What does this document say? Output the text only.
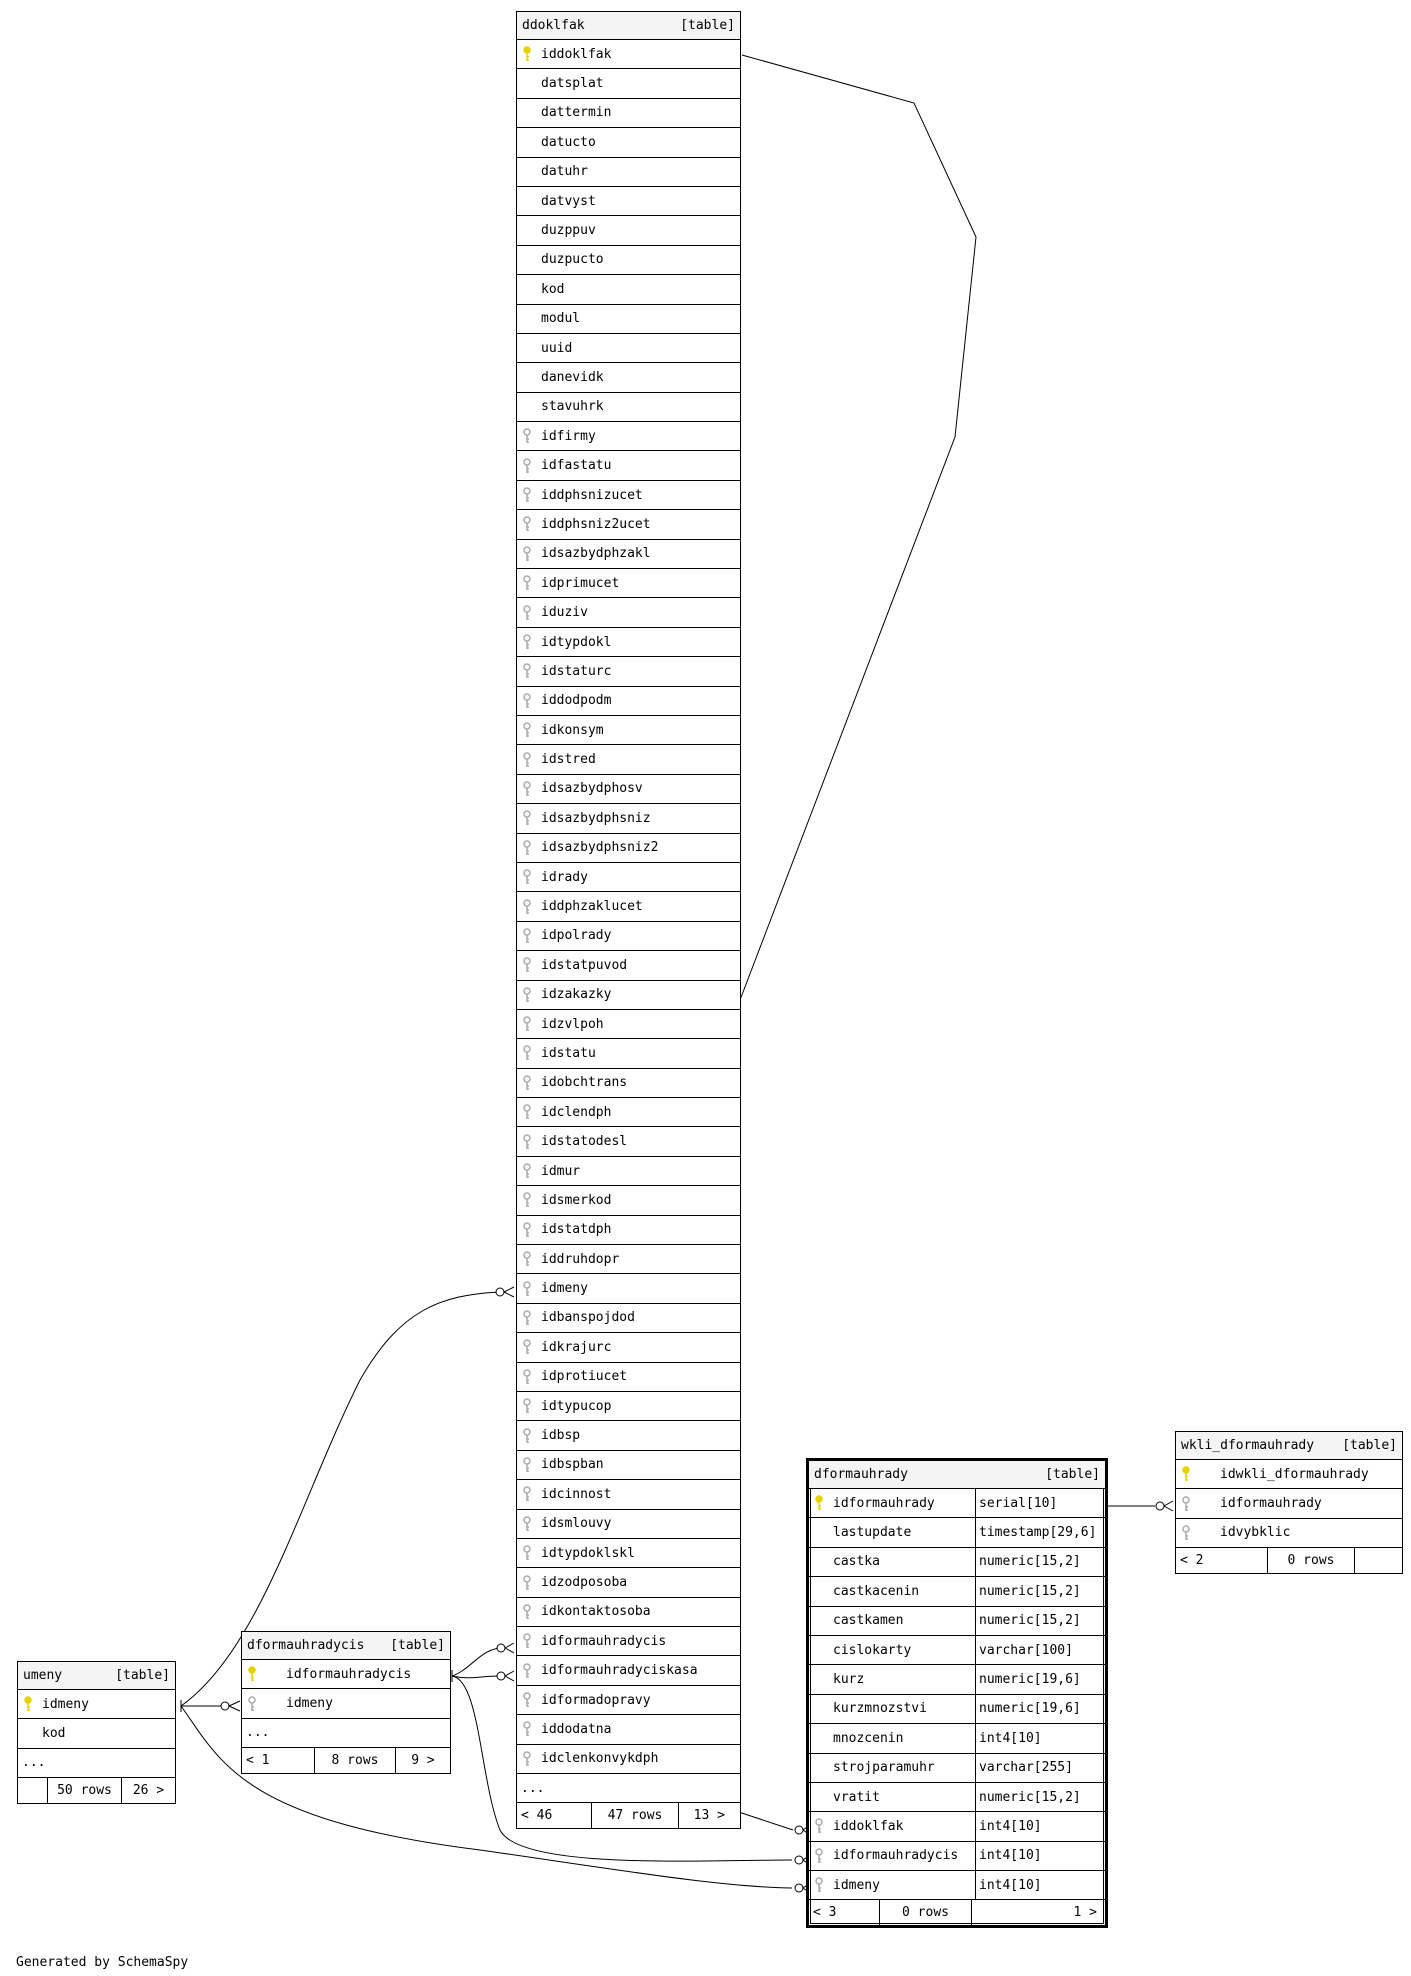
ddoklfak	[table]
iddoklfak
datsplat
dattermin
datucto
datuhr
datvyst
duzppuv
duzpucto
kod
modul
uuid
danevidk
stavuhrk
idfirmy
idfastatu
iddphsnizucet
iddphsniz2ucet
idsazbydphzakl
idprimucet
iduziv
idtypdokl
idstaturc
iddodpodm
idkonsym
idstred
idsazbydphosv
idsazbydphsniz
idsazbydphsniz2
idrady
iddphzaklucet
idpolrady
idstatpuvod
idzakazky
idzvlpoh
idstatu
idobchtrans
idclendph
idstatodesl
idmur
idsmerkod
idstatdph
iddruhdopr
idmeny
idbanspojdod
idkrajurc
idprotiucet
idtypucop
idbsp
idbspban
idcinnost
idsmlouvy
idtypdoklskl
idzodposoba
idkontaktosoba
idformauhradycis
idformauhradyciskasa
idformadopravy
iddodatna
idclenkonvykdph
...
< 46	47 rows	13 >
umeny	[table]
idmeny
kod
...
50 rows	26 >
dformauhradycis [table]
idformauhradycis
idmeny
...
< 1	8 rows	9 >
dformauhrady	[table]
idformauhrady	serial[10]
lastupdate	timestamp[29,6]
castka	numeric[15,2]
castkacenin	numeric[15,2]
castkamen	numeric[15,2]
cislokarty	varchar[100]
kurz	numeric[19,6]
kurzmnozstvi	numeric[19,6]
mnozcenin	int4[10]
strojparamuhr	varchar[255]
vratit	numeric[15,2]
iddoklfak	int4[10]
idformauhradycis	int4[10]
idmeny	int4[10]
< 3	0 rows	1 >
wkli_dformauhrady [table]
idwkli_dformauhrady
idformauhrady
idvybklic
< 2	0 rows
Generated by SchemaSpy
